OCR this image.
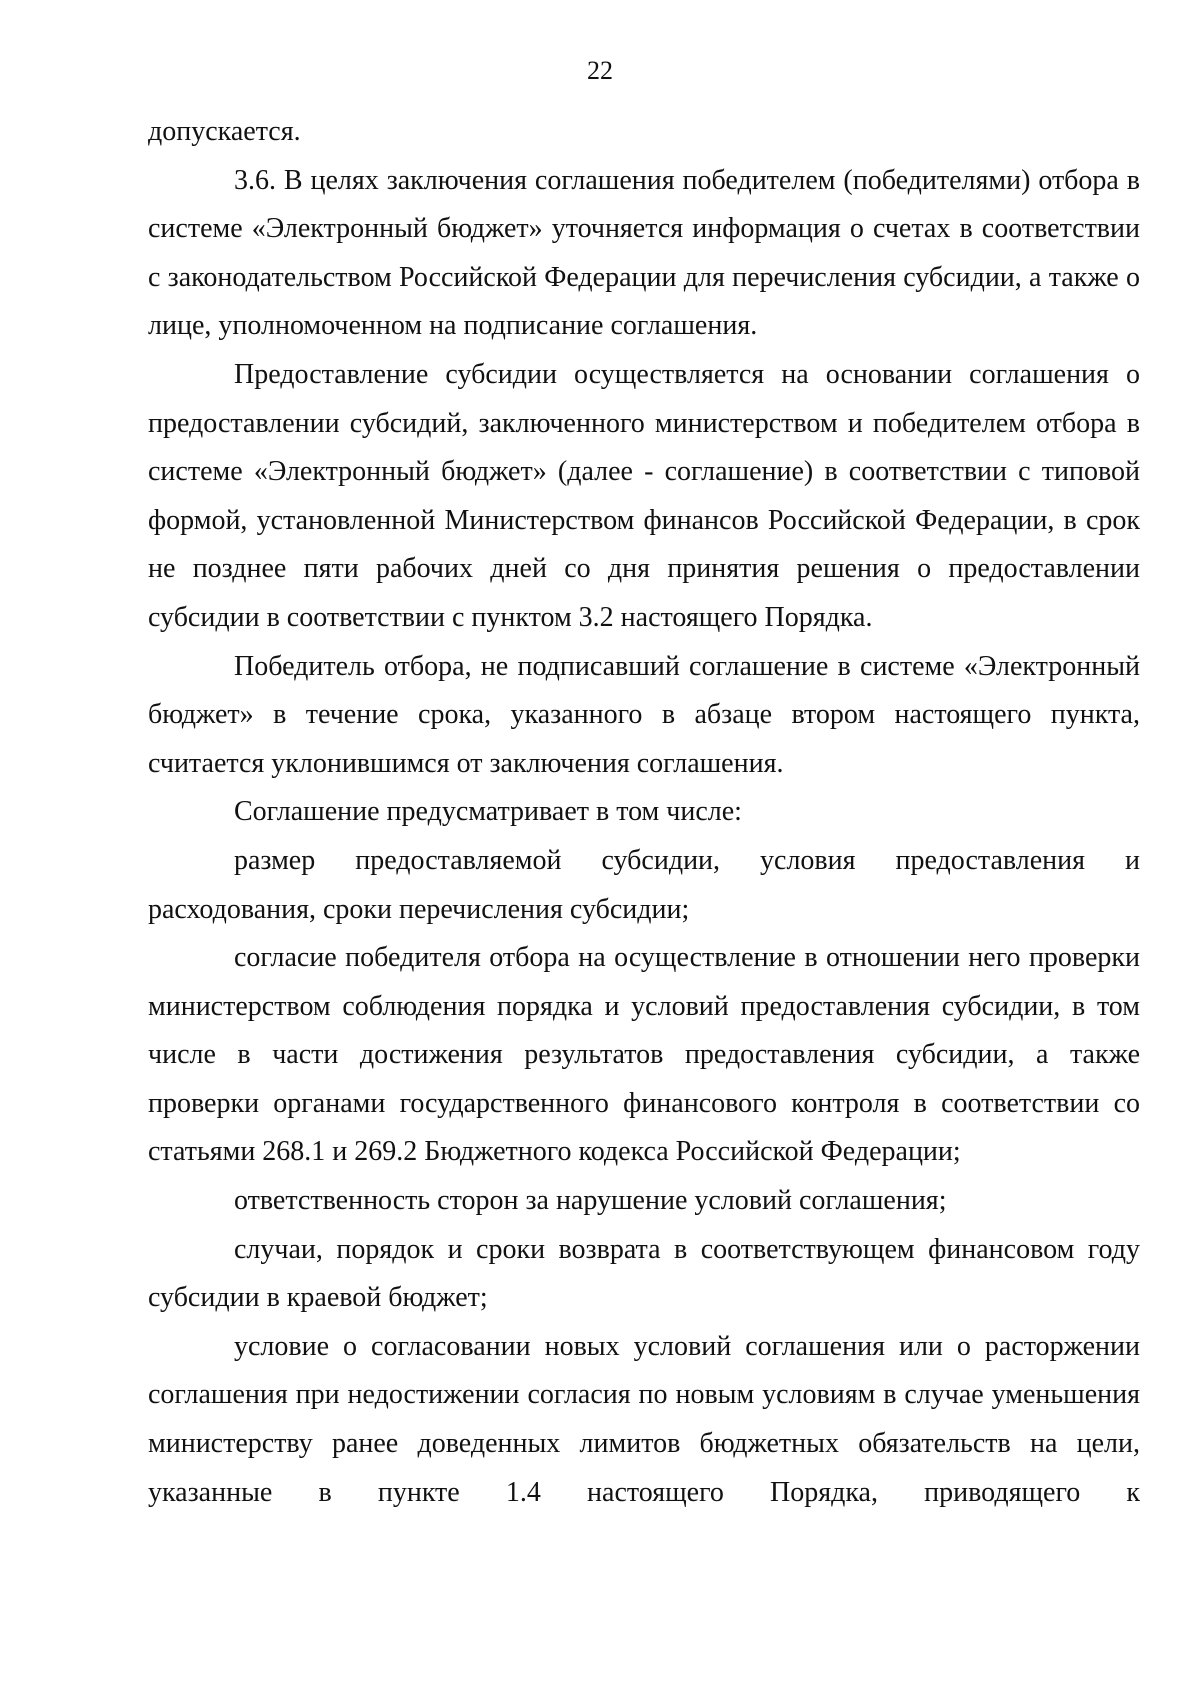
22

допускается.

3.6. В целях заключения соглашения победителем (победителями) отбора в системе «Электронный бюджет» уточняется информация о счетах в соответствии с законодательством Российской Федерации для перечисления субсидии, а также о лице, уполномоченном на подписание соглашения.

Предоставление субсидии осуществляется на основании соглашения о предоставлении субсидий, заключенного министерством и победителем отбора в системе «Электронный бюджет» (далее - соглашение) в соответствии с типовой формой, установленной Министерством финансов Российской Федерации, в срок не позднее пяти рабочих дней со дня принятия решения о предоставлении субсидии в соответствии с пунктом 3.2 настоящего Порядка.

Победитель отбора, не подписавший соглашение в системе «Электронный бюджет» в течение срока, указанного в абзаце втором настоящего пункта, считается уклонившимся от заключения соглашения.

Соглашение предусматривает в том числе:

размер предоставляемой субсидии, условия предоставления и расходования, сроки перечисления субсидии;

согласие победителя отбора на осуществление в отношении него проверки министерством соблюдения порядка и условий предоставления субсидии, в том числе в части достижения результатов предоставления субсидии, а также проверки органами государственного финансового контроля в соответствии со статьями 268.1 и 269.2 Бюджетного кодекса Российской Федерации;

ответственность сторон за нарушение условий соглашения;

случаи, порядок и сроки возврата в соответствующем финансовом году субсидии в краевой бюджет;

условие о согласовании новых условий соглашения или о расторжении соглашения при недостижении согласия по новым условиям в случае уменьшения министерству ранее доведенных лимитов бюджетных обязательств на цели, указанные в пункте 1.4 настоящего Порядка, приводящего к
